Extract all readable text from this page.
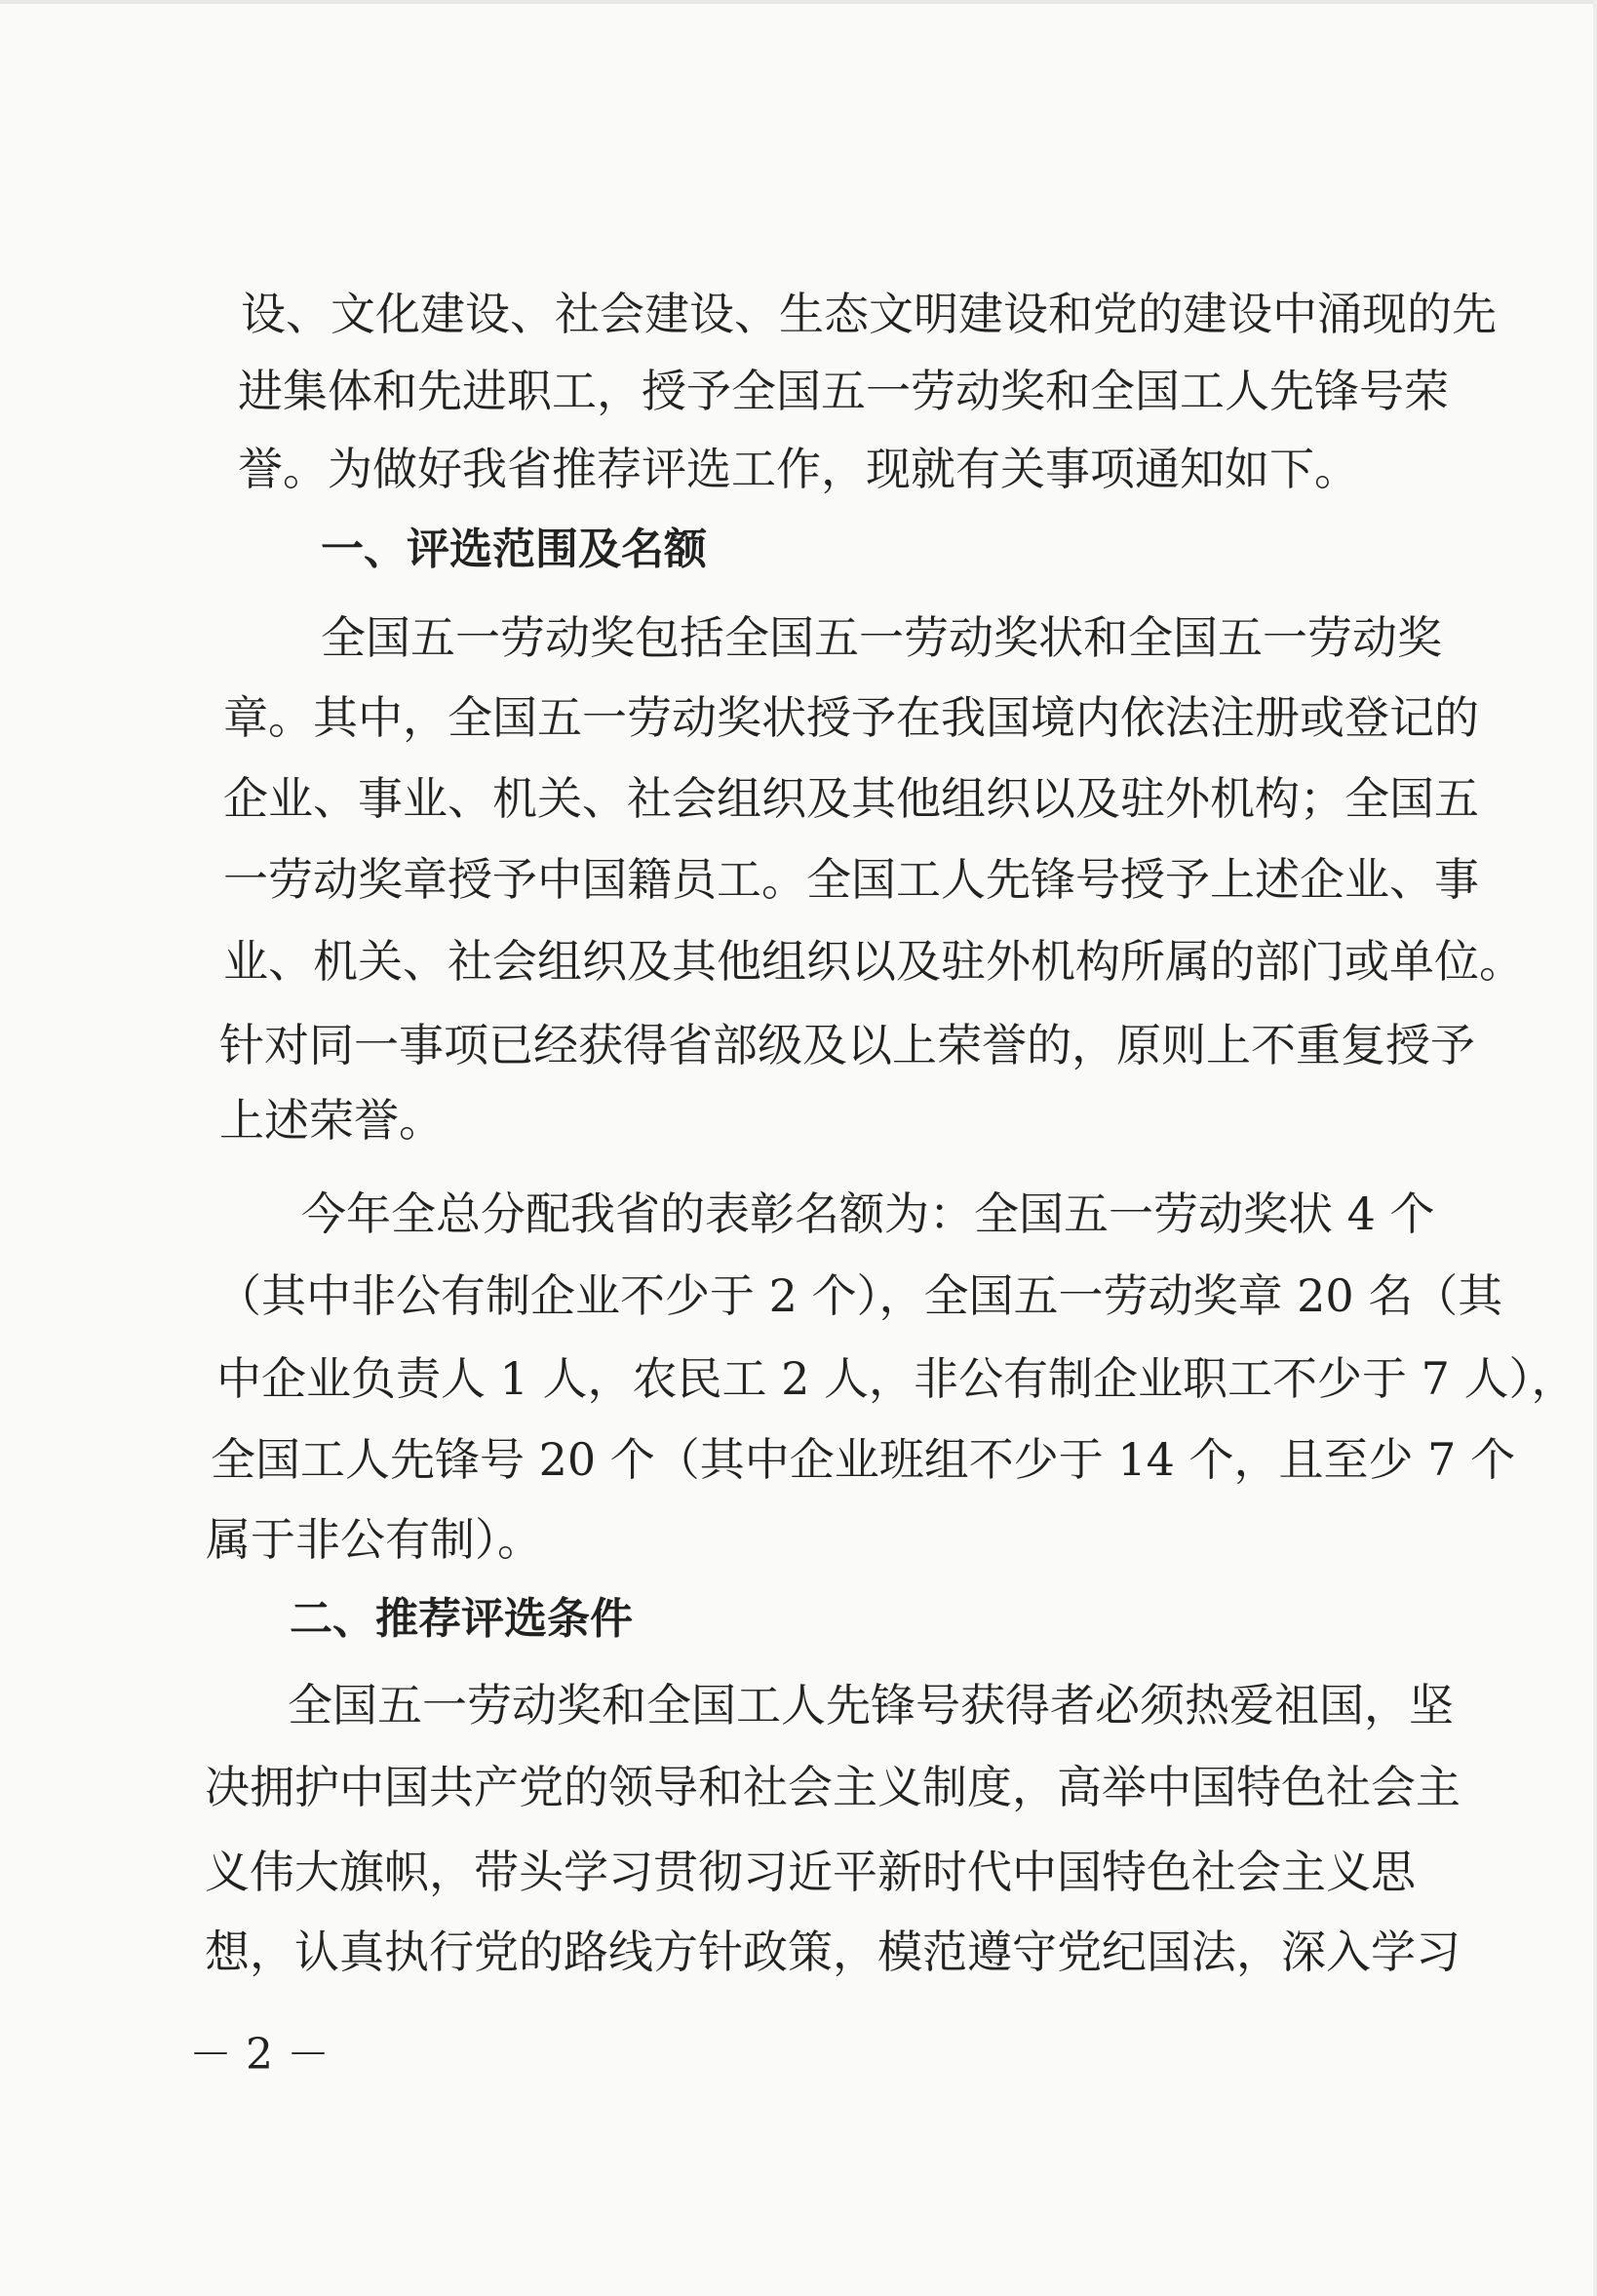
设、文化建设、社会建设、生态文明建设和党的建设中涌现的先
进集体和先进职工，授予全国五一劳动奖和全国工人先锋号荣
誉。为做好我省推荐评选工作，现就有关事项通知如下。
一、评选范围及名额
全国五一劳动奖包括全国五一劳动奖状和全国五一劳动奖
章。其中，全国五一劳动奖状授予在我国境内依法注册或登记的
企业、事业、机关、社会组织及其他组织以及驻外机构；全国五
一劳动奖章授予中国籍员工。全国工人先锋号授予上述企业、事
业、机关、社会组织及其他组织以及驻外机构所属的部门或单位。
针对同一事项已经获得省部级及以上荣誉的，原则上不重复授予
上述荣誉。
今年全总分配我省的表彰名额为：全国五一劳动奖状 4 个
（其中非公有制企业不少于 2 个），全国五一劳动奖章 20 名（其
中企业负责人 1 人，农民工 2 人，非公有制企业职工不少于 7 人），
全国工人先锋号 20 个（其中企业班组不少于 14 个，且至少 7 个
属于非公有制）。
二、推荐评选条件
全国五一劳动奖和全国工人先锋号获得者必须热爱祖国，坚
决拥护中国共产党的领导和社会主义制度，高举中国特色社会主
义伟大旗帜，带头学习贯彻习近平新时代中国特色社会主义思
想，认真执行党的路线方针政策，模范遵守党纪国法，深入学习
－ 2 －
